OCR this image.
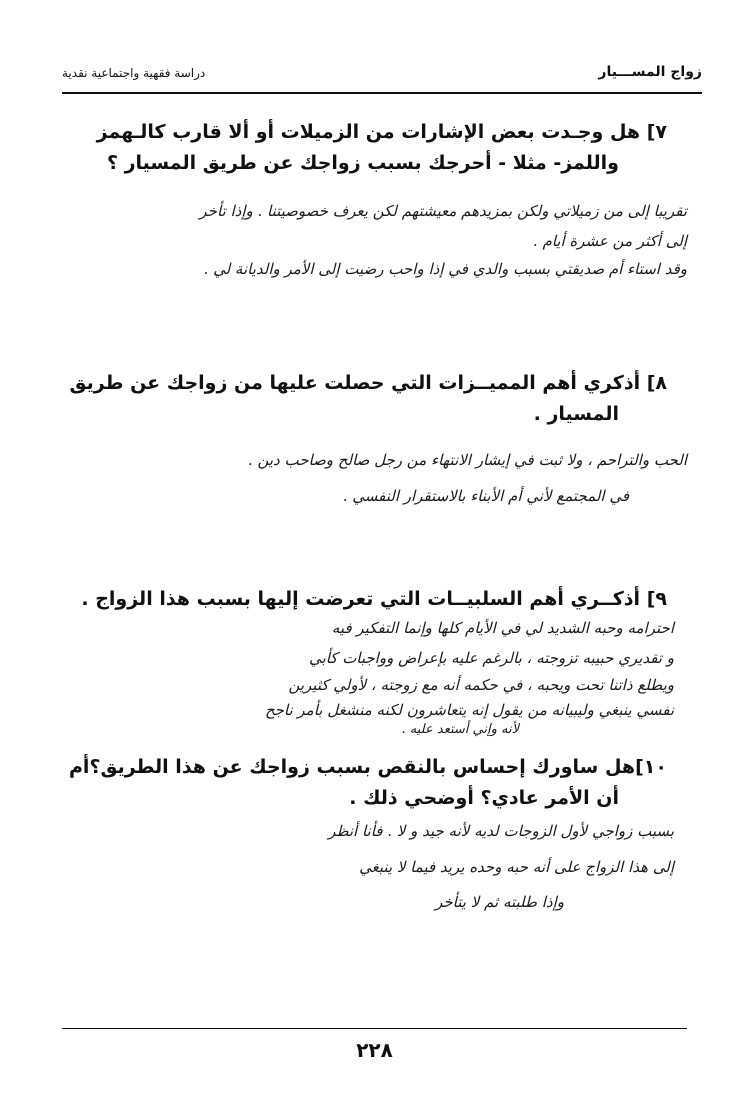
زواج المســـيار
دراسة فقهية واجتماعية نقدية
٧] هل وجـدت بعض الإشارات من الزميلات أو ألا قارب كالـهمز
واللمز- مثلا - أحرجك بسبب زواجك عن طريق المسيار ؟
تقريبا إلى من زميلاتي ولكن بمزيدهم معيشتهم لكن يعرف خصوصيتنا . وإذا تأخر
إلى أكثر من عشرة أيام .
وقد استاء أم صديقتي بسبب والدي في إذا واحب رضيت إلى الأمر والديانة لي .
٨] أذكري أهم المميــزات التي حصلت عليها من زواجك عن طريق
المسيار .
الحب والتراحم ، ولا ثبت في إيشار الانتهاء من رجل صالح وصاحب دين .
في المجتمع لأني أم الأبناء بالاستقرار النفسي .
٩] أذكــري أهم السلبيــات التي تعرضت إليها بسبب هذا الزواج .
احترامه وحبه الشديد لي في الأيام كلها وإنما التفكير فيه
و تقديري حبيبه تزوجته ، بالرغم عليه بإعراض وواجبات كأبي
ويطلع ذاتنا تحت ويحبه ، في حكمه أنه مع زوجته ، لأولي كثيرين
نفسي ينبغي وليبيانه من يقول إنه يتعاشرون لكنه منشغل بأمر ناجح
لأنه وإني أستعد عليه .
١٠]هل ساورك إحساس بالنقص بسبب زواجك عن هذا الطريق؟أم
أن الأمر عادي؟ أوضحي ذلك .
بسبب زواجي لأول الزوجات لديه لأنه جيد و لا . فأنا أنظر
إلى هذا الزواج على أنه حبه وحده يريد فيما لا ينبغي
وإذا طلبته ثم لا يتأخر
٢٢٨
